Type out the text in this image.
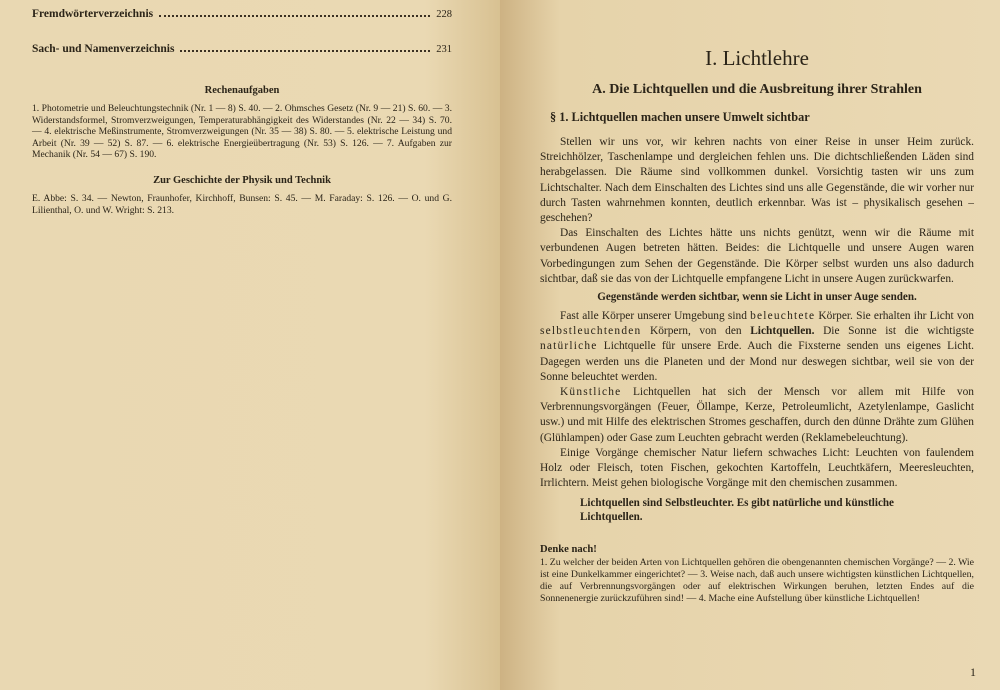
Fremdwörterverzeichnis	228
Sach- und Namenverzeichnis	231
Rechenaufgaben

1. Photometrie und Beleuchtungstechnik (Nr. 1 — 8) S. 40. — 2. Ohmsches Gesetz (Nr. 9 — 21) S. 60. — 3. Widerstandsformel, Stromverzweigungen, Temperaturabhängigkeit des Widerstandes (Nr. 22 — 34) S. 70. — 4. elektrische Meßinstrumente, Stromverzweigungen (Nr. 35 — 38) S. 80. — 5. elektrische Leistung und Arbeit (Nr. 39 — 52) S. 87. — 6. elektrische Energieübertragung (Nr. 53) S. 126. — 7. Aufgaben zur Mechanik (Nr. 54 — 67) S. 190.

Zur Geschichte der Physik und Technik

E. Abbe: S. 34. — Newton, Fraunhofer, Kirchhoff, Bunsen: S. 45. — M. Faraday: S. 126. — O. und G. Lilienthal, O. und W. Wright: S. 213.

I. Lichtlehre
A. Die Lichtquellen und die Ausbreitung ihrer Strahlen
§ 1. Lichtquellen machen unsere Umwelt sichtbar

Stellen wir uns vor, wir kehren nachts von einer Reise in unser Heim zurück. Streichhölzer, Taschenlampe und dergleichen fehlen uns. Die dichtschließenden Läden sind herabgelassen. Die Räume sind vollkommen dunkel. Vorsichtig tasten wir uns zum Lichtschalter. Nach dem Einschalten des Lichtes sind uns alle Gegenstände, die wir vorher nur durch Tasten wahrnehmen konnten, deutlich erkennbar. Was ist – physikalisch gesehen – geschehen?

Das Einschalten des Lichtes hätte uns nichts genützt, wenn wir die Räume mit verbundenen Augen betreten hätten. Beides: die Lichtquelle und unsere Augen waren Vorbedingungen zum Sehen der Gegenstände. Die Körper selbst wurden uns also dadurch sichtbar, daß sie das von der Lichtquelle empfangene Licht in unsere Augen zurückwarfen.

Gegenstände werden sichtbar, wenn sie Licht in unser Auge senden.

Fast alle Körper unserer Umgebung sind beleuchtete Körper. Sie erhalten ihr Licht von selbstleuchtenden Körpern, von den Lichtquellen. Die Sonne ist die wichtigste natürliche Lichtquelle für unsere Erde. Auch die Fixsterne senden uns eigenes Licht. Dagegen werden uns die Planeten und der Mond nur deswegen sichtbar, weil sie von der Sonne beleuchtet werden.

Künstliche Lichtquellen hat sich der Mensch vor allem mit Hilfe von Verbrennungsvorgängen (Feuer, Öllampe, Kerze, Petroleumlicht, Azetylenlampe, Gaslicht usw.) und mit Hilfe des elektrischen Stromes geschaffen, durch den dünne Drähte zum Glühen (Glühlampen) oder Gase zum Leuchten gebracht werden (Reklamebeleuchtung).

Einige Vorgänge chemischer Natur liefern schwaches Licht: Leuchten von faulendem Holz oder Fleisch, toten Fischen, gekochten Kartoffeln, Leuchtkäfern, Meeresleuchten, Irrlichtern. Meist gehen biologische Vorgänge mit den chemischen zusammen.

Lichtquellen sind Selbstleuchter. Es gibt natürliche und künstliche Lichtquellen.
Denke nach!

1. Zu welcher der beiden Arten von Lichtquellen gehören die obengenannten chemischen Vorgänge? — 2. Wie ist eine Dunkelkammer eingerichtet? — 3. Weise nach, daß auch unsere wichtigsten künstlichen Lichtquellen, die auf Verbrennungsvorgängen oder auf elektrischen Wirkungen beruhen, letzten Endes auf die Sonnenenergie zurückzuführen sind! — 4. Mache eine Aufstellung über künstliche Lichtquellen!

1
